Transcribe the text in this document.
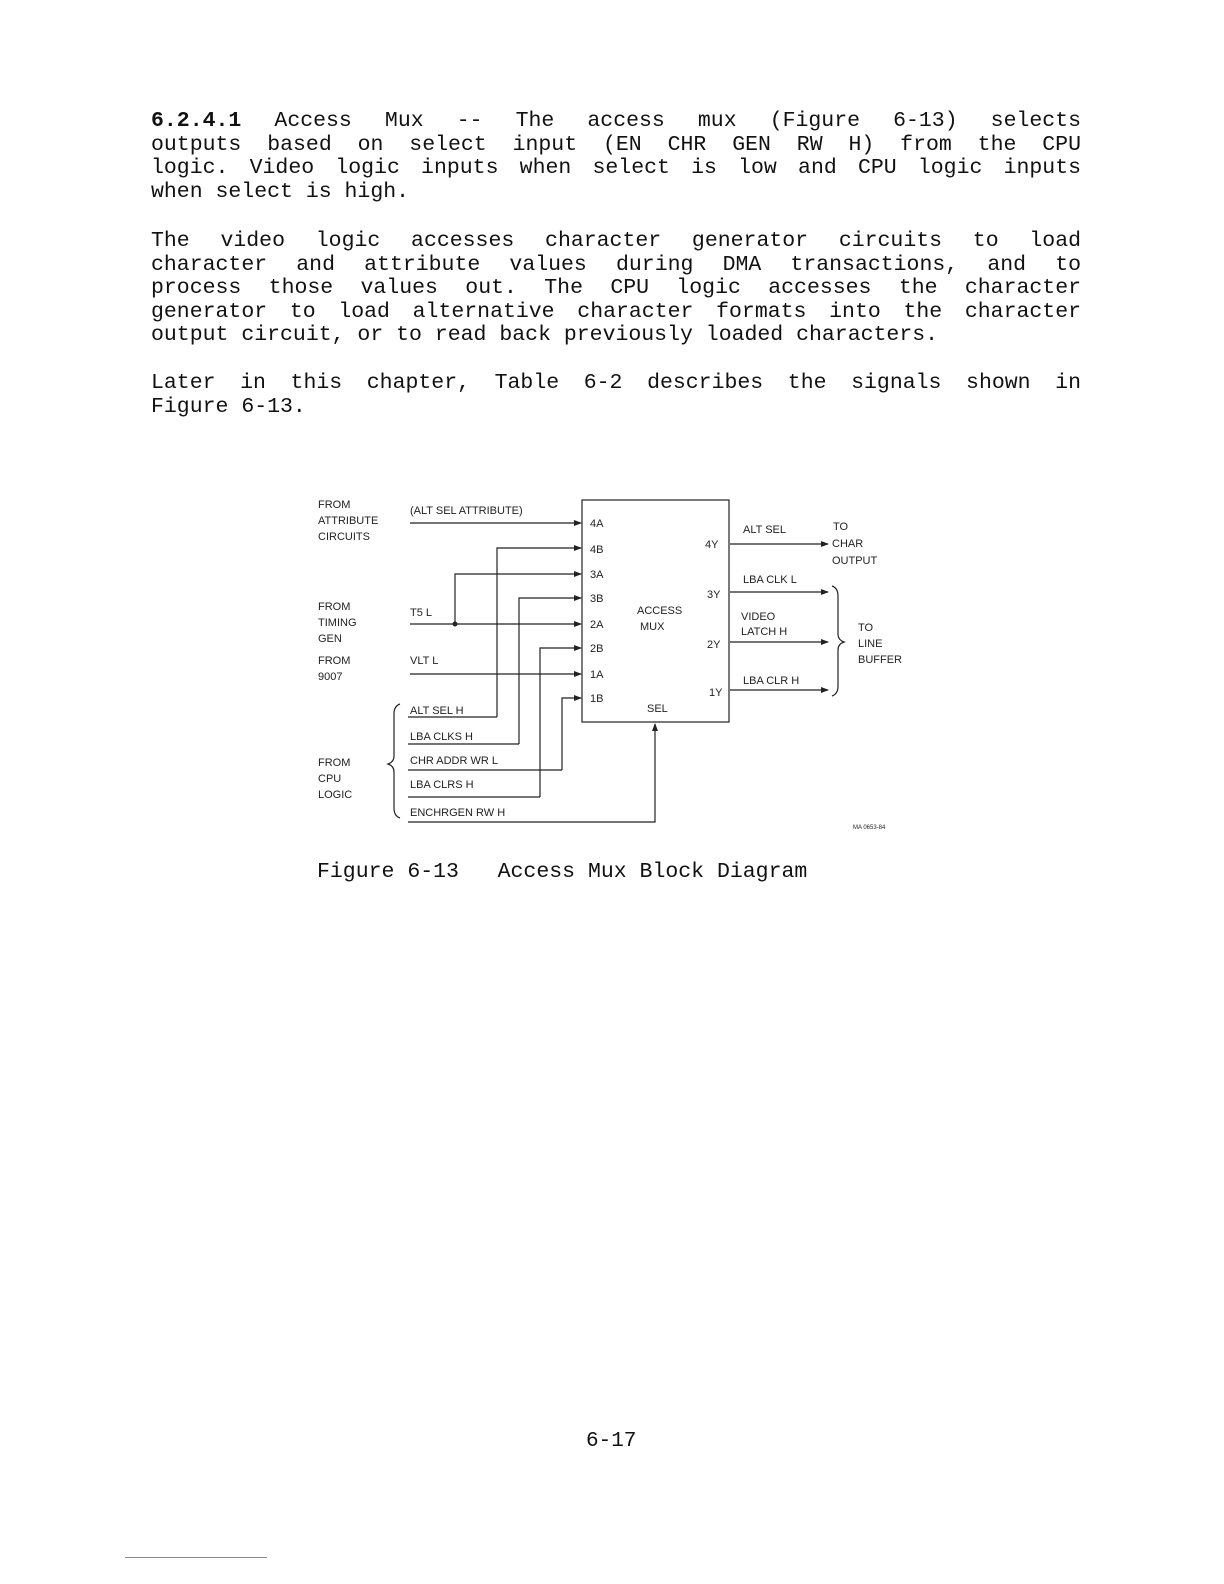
6.2.4.1 Access Mux -- The access mux (Figure 6-13) selects
outputs based on select input (EN CHR GEN RW H) from the CPU
logic. Video logic inputs when select is low and CPU logic inputs
when select is high.
The video logic accesses character generator circuits to load
character and attribute values during DMA transactions, and to
process those values out. The CPU logic accesses the character
generator to load alternative character formats into the character
output circuit, or to read back previously loaded characters.
Later in this chapter, Table 6-2 describes the signals shown in
Figure 6-13.
FROM
ATTRIBUTE
CIRCUITS
FROM
TIMING
GEN
FROM
9007
FROM
CPU
LOGIC
(ALT SEL ATTRIBUTE)
T5 L
VLT L
ALT SEL H
LBA CLKS H
CHR ADDR WR L
LBA CLRS H
ENCHRGEN RW H
4A
4B
3A
3B
2A
2B
1A
1B
4Y
3Y
2Y
1Y
ACCESS
MUX
SEL
ALT SEL
LBA CLK L
VIDEO
LATCH H
LBA CLR H
TO
CHAR
OUTPUT
TO
LINE
BUFFER
MA 0653-84
Figure 6-13   Access Mux Block Diagram
6-17
